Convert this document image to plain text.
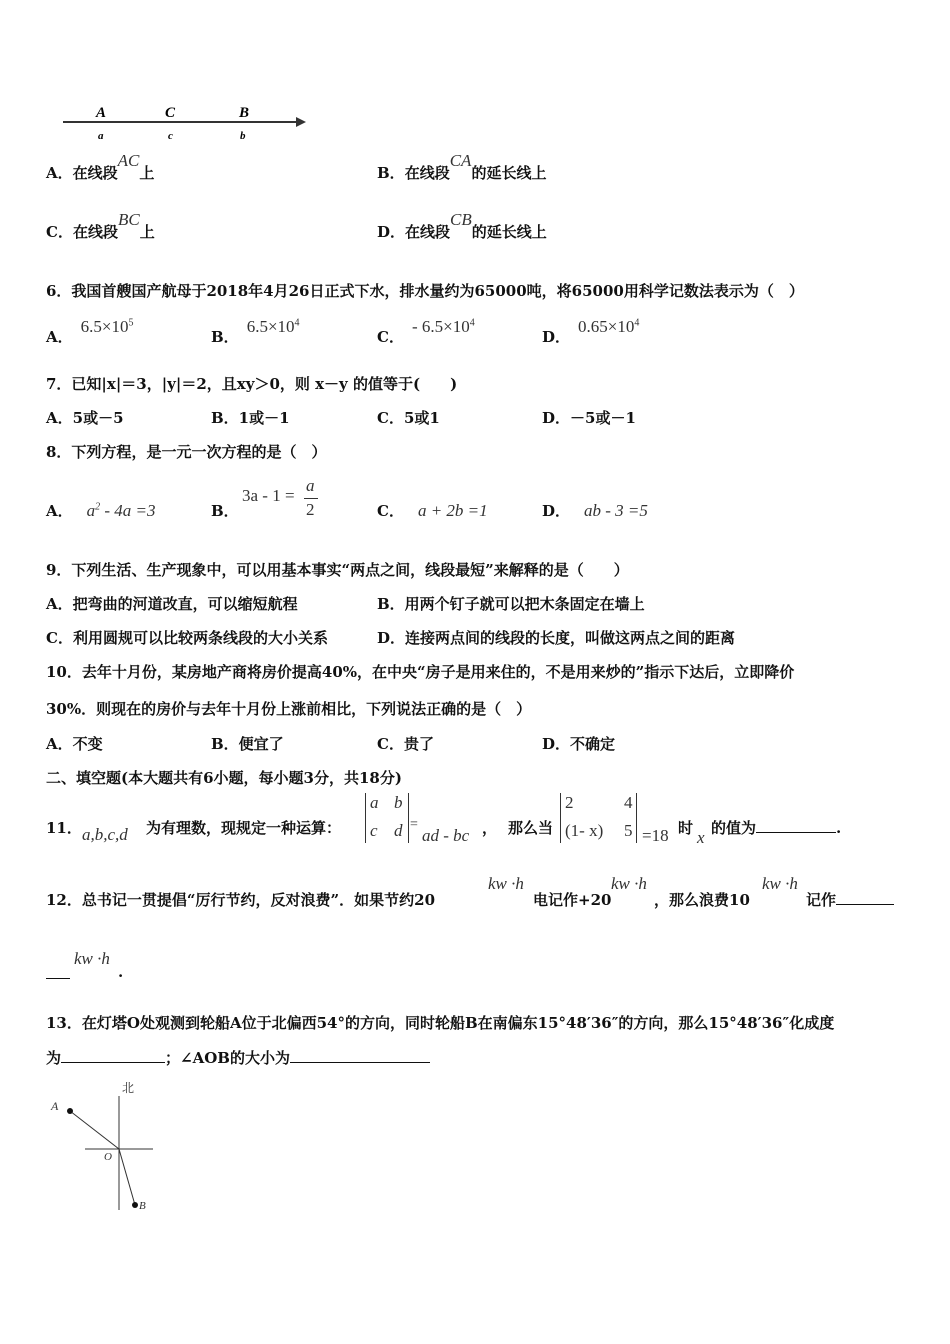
A	C	B
a	c	b
A．在线段AC上	B．在线段CA的延长线上
C．在线段BC上	D．在线段CB的延长线上
6．我国首艘国产航母于2018年4月26日正式下水，排水量约为65000吨，将65000用科学记数法表示为（　）
A．$6.5\times 10^5$
B．$6.5\times 10^4$
C．- $6.5\times 10^4$
D．$0.65\times 10^4$
7．已知|x|＝3，|y|＝2，且xy＞0，则 x－y 的值等于(　　)
A．5或－5	B．1或－1	C．5或1	D．－5或－1
8．下列方程，是一元一次方程的是（　）
A． $a^2 - 4a =3$	B．
3a - 1 =
a
2	C． a + 2b =1	D． ab - 3 =5
9．下列生活、生产现象中，可以用基本事实“两点之间，线段最短”来解释的是（　　）
A．把弯曲的河道改直，可以缩短航程	B．用两个钉子就可以把木条固定在墙上
C．利用圆规可以比较两条线段的大小关系	D．连接两点间的线段的长度，叫做这两点之间的距离
10．去年十月份，某房地产商将房价提高40%，在中央“房子是用来住的，不是用来炒的”指示下达后，立即降价
30%．则现在的房价与去年十月份上涨前相比，下列说法正确的是（　）
A．不变	B．便宜了	C．贵了	D．不确定
二、填空题(本大题共有6小题，每小题3分，共18分)
11． a,b,c,d 为有理数，现规定一种运算：
a b
c d =
ad - bc ， 那么当
2	4
(1- x) 5 =18 时 x 的值为	.
12．总书记一贯提倡“厉行节约，反对浪费”．如果节约20
kw ·h
电记作+20
kw ·h
，那么浪费10
kw ·h
记作
kw ·h
.
13．在灯塔O处观测到轮船A位于北偏西54°的方向，同时轮船B在南偏东15°48′36″的方向，那么15°48′36″化成度
为	；∠AOB的大小为
北
A
O
B
